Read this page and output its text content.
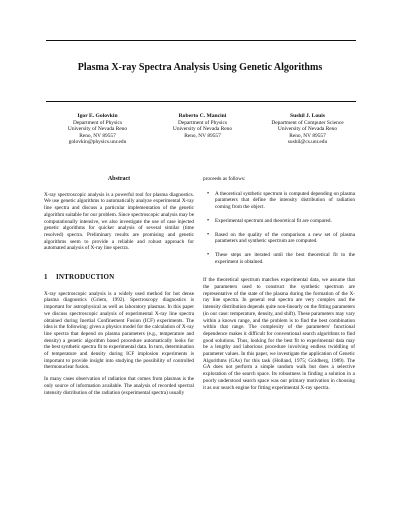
Plasma X-ray Spectra Analysis Using Genetic Algorithms
Igor E. Golovkin
Department of Physics
University of Nevada Reno
Reno, NV 89557
golovkin@physics.unr.edu
Roberto C. Mancini
Department of Physics
University of Nevada Reno
Reno, NV 89557
Sushil J. Louis
Department of Computer Science
University of Nevada Reno
Reno, NV 89557
sushil@cs.unr.edu
Abstract

X-ray spectroscopic analysis is a powerful tool for plasma diagnostics. We use genetic algorithms to automatically analyze experimental X-ray line spectra and discuss a particular implementation of the genetic algorithm suitable for our problem. Since spectroscopic analysis may be computationally intensive, we also investigate the use of case injected genetic algorithms for quicker analysis of several similar (time resolved) spectra. Preliminary results are promising and genetic algorithms seem to provide a reliable and robust approach for automated analysis of X-ray line spectra.

1 INTRODUCTION

X-ray spectroscopic analysis is a widely used method for hot dense plasma diagnostics (Griem, 1992). Spectroscopy diagnostics is important for astrophysical as well as laboratory plasmas. In this paper we discuss spectroscopic analysis of experimental X-ray line spectra obtained during Inertial Confinement Fusion (ICF) experiments. The idea is the following: given a physics model for the calculation of X-ray line spectra that depend on plasma parameters (e.g., temperature and density) a genetic algorithm based procedure automatically looks for the best synthetic spectra fit to experimental data. In turn, determination of temperature and density during ICF implosion experiments is important to provide insight into studying the possibility of controlled thermonuclear fusion.

In many cases observation of radiation that comes from plasmas is the only source of information available. The analysis of recorded spectral intensity distribution of the radiation (experimental spectra) usually

proceeds as follows:

• A theoretical synthetic spectrum is computed depending on plasma parameters that define the intensity distribution of radiation coming from the object.
• Experimental spectrum and theoretical fit are compared.
• Based on the quality of the comparison a new set of plasma parameters and synthetic spectrum are computed.
• These steps are iterated until the best theoretical fit to the experiment is obtained.

If the theoretical spectrum matches experimental data, we assume that the parameters used to construct the synthetic spectrum are representative of the state of the plasma during the formation of the X-ray line spectra. In general real spectra are very complex and the intensity distribution depends quite non-linearly on the fitting parameters (in our case: temperature, density, and shift). These parameters may vary within a known range, and the problem is to find the best combination within that range. The complexity of the parameters' functional dependence makes it difficult for conventional search algorithms to find good solutions. Thus, looking for the best fit to experimental data may be a lengthy and laborious procedure involving endless twiddling of parameter values. In this paper, we investigate the application of Genetic Algorithms (GAs) for this task (Holland, 1975; Goldberg, 1989). The GA does not perform a simple random walk but does a selective exploration of the search space. Its robustness in finding a solution in a poorly understood search space was our primary motivation in choosing it as our search engine for fitting experimental X-ray spectra.
